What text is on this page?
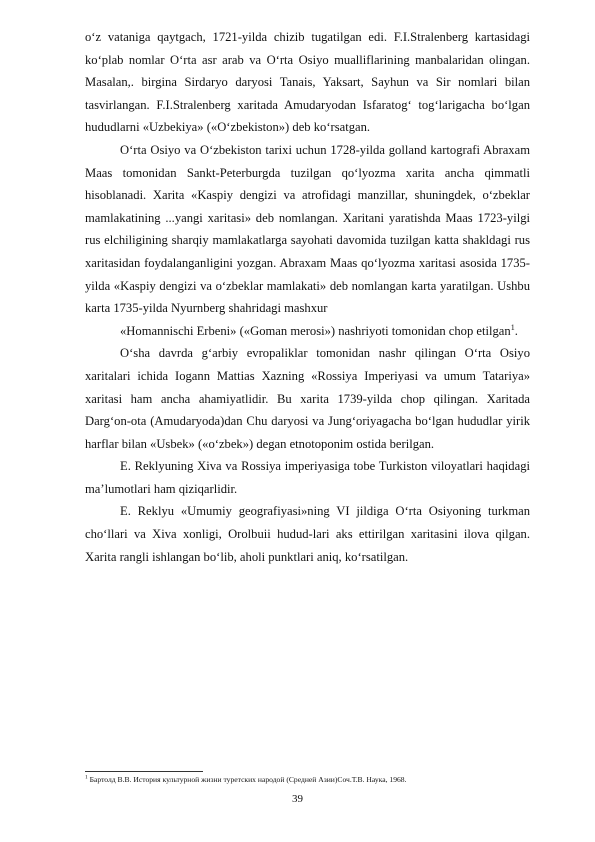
o‘z vataniga qaytgach, 1721-yilda chizib tugatilgan edi. F.I.Stralenberg kartasidagi ko‘plab nomlar O‘rta asr arab va O‘rta Osiyo mualliflarining manbalaridan olingan. Masalan,. birgina Sirdaryo daryosi Tanais, Yaksart, Sayhun va Sir nomlari bilan tasvirlangan. F.I.Stralenberg xaritada Amudaryodan Isfaratog‘ tog‘larigacha bo‘lgan hududlarni «Uzbekiya» («O‘zbekiston») deb ko‘rsatgan.

O‘rta Osiyo va O‘zbekiston tarixi uchun 1728-yilda golland kartografi Abraxam Maas tomonidan Sankt-Peterburgda tuzilgan qo‘lyozma xarita ancha qimmatli hisoblanadi. Xarita «Kaspiy dengizi va atrofidagi manzillar, shuningdek, o‘zbeklar mamlakatining ...yangi xaritasi» deb nomlangan. Xaritani yaratishda Maas 1723-yilgi rus elchiligining sharqiy mamlakatlarga sayohati davomida tuzilgan katta shakldagi rus xaritasidan foydalanganligini yozgan. Abraxam Maas qo‘lyozma xaritasi asosida 1735-yilda «Kaspiy dengizi va o‘zbeklar mamlakati» deb nomlangan karta yaratilgan. Ushbu karta 1735-yilda Nyurnberg shahridagi mashxur

«Homannischi Erbeni» («Goman merosi») nashriyoti tomonidan chop etilgan$^1$.

O‘sha davrda g‘arbiy evropaliklar tomonidan nashr qilingan O‘rta Osiyo xaritalari ichida Iogann Mattias Xazning «Rossiya Imperiyasi va umum Tatariya» xaritasi ham ancha ahamiyatlidir. Bu xarita 1739-yilda chop qilingan. Xaritada Darg‘on-ota (Amudaryoda)dan Chu daryosi va Jung‘oriyagacha bo‘lgan hududlar yirik harflar bilan «Usbek» («o‘zbek») degan etnotoponim ostida berilgan.

E. Reklyuning Xiva va Rossiya imperiyasiga tobe Turkiston viloyatlari haqidagi ma’lumotlari ham qiziqarlidir.

E. Reklyu «Umumiy geografiyasi»ning VI jildiga O‘rta Osiyoning turkman cho‘llari va Xiva xonligi, Orolbuii hudud-lari aks ettirilgan xaritasini ilova qilgan. Xarita rangli ishlangan bo‘lib, aholi punktlari aniq, ko‘rsatilgan.

$^1$ Бартолд В.В. История культурной жизни туретских народой (Средней Азии)Соч.Т.В. Наука, 1968.
39
